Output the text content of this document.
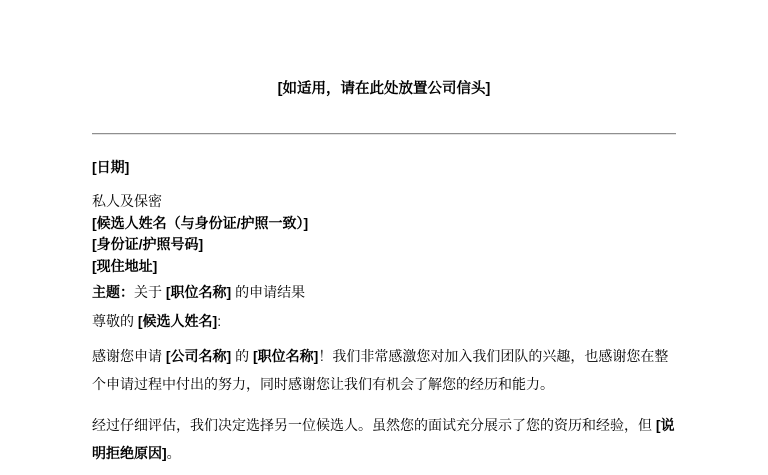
[如适用，请在此处放置公司信头]
[日期]
私人及保密
[候选人姓名（与身份证/护照一致）]
[身份证/护照号码]
[现住地址]
主题：关于 [职位名称] 的申请结果
尊敬的 [候选人姓名]:
感谢您申请 [公司名称] 的 [职位名称]！我们非常感激您对加入我们团队的兴趣，也感谢您在整个申请过程中付出的努力，同时感谢您让我们有机会了解您的经历和能力。
经过仔细评估，我们决定选择另一位候选人。虽然您的面试充分展示了您的资历和经验，但 [说明拒绝原因]。
